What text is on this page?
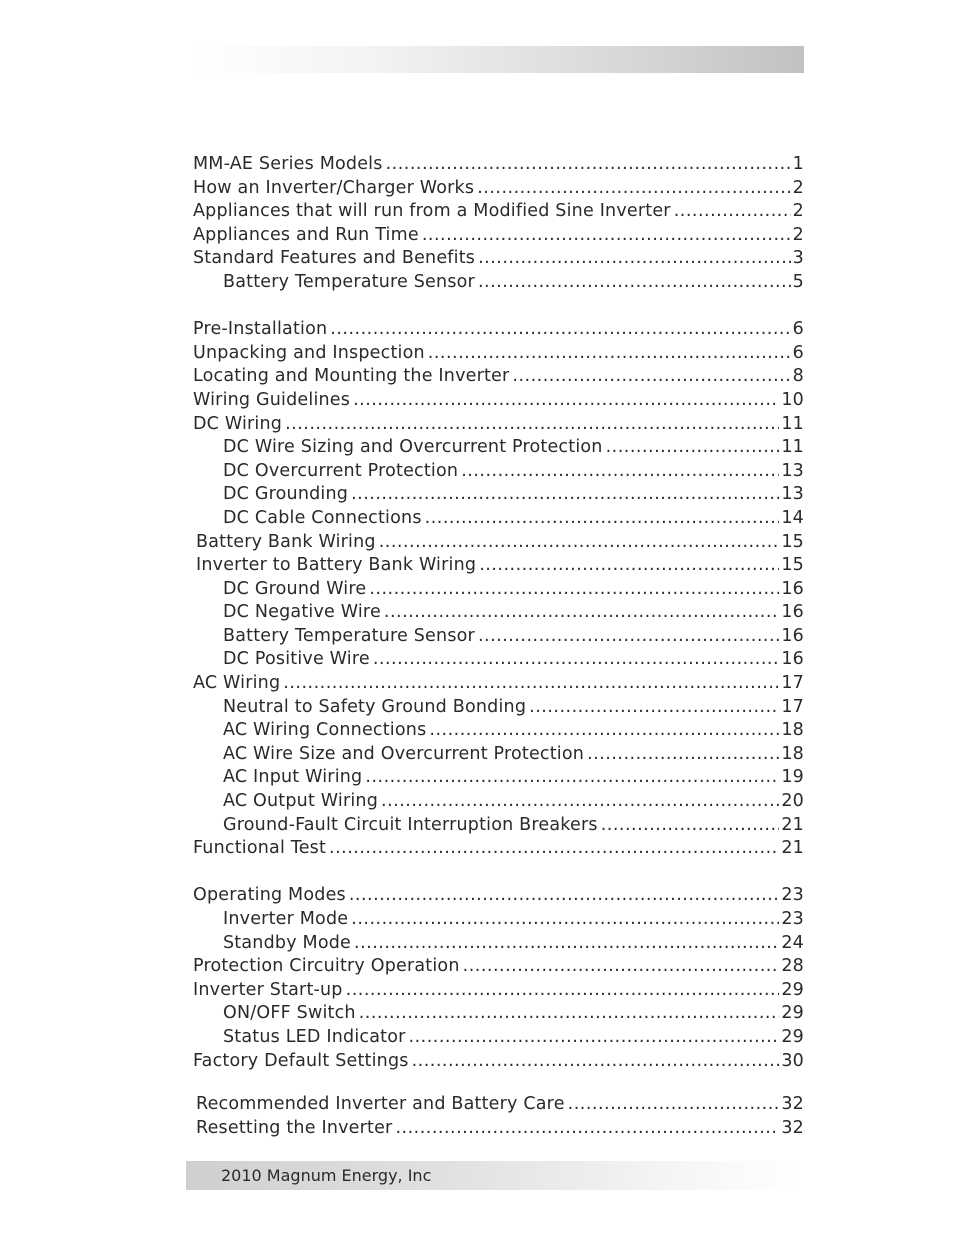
MM-AE Series Models .....	1
How an Inverter/Charger Works .....	2
Appliances that will run from a Modified Sine Inverter .....	2
Appliances and Run Time .....	2
Standard Features and Benefits .....	3
Battery Temperature Sensor .....	5
Pre-Installation .....	6
Unpacking and Inspection .....	6
Locating and Mounting the Inverter .....	8
Wiring Guidelines .....	10
DC Wiring .....	11
DC Wire Sizing and Overcurrent Protection .....	11
DC Overcurrent Protection .....	13
DC Grounding .....	13
DC Cable Connections .....	14
Battery Bank Wiring .....	15
Inverter to Battery Bank Wiring .....	15
DC Ground Wire .....	16
DC Negative Wire .....	16
Battery Temperature Sensor .....	16
DC Positive Wire .....	16
AC Wiring .....	17
Neutral to Safety Ground Bonding .....	17
AC Wiring Connections .....	18
AC Wire Size and Overcurrent Protection .....	18
AC Input Wiring .....	19
AC Output Wiring .....	20
Ground-Fault Circuit Interruption Breakers .....	21
Functional Test .....	21
Operating Modes .....	23
Inverter Mode .....	23
Standby Mode .....	24
Protection Circuitry Operation .....	28
Inverter Start-up .....	29
ON/OFF Switch .....	29
Status LED Indicator .....	29
Factory Default Settings .....	30
Recommended Inverter and Battery Care .....	32
Resetting the Inverter .....	32
2010 Magnum Energy, Inc
